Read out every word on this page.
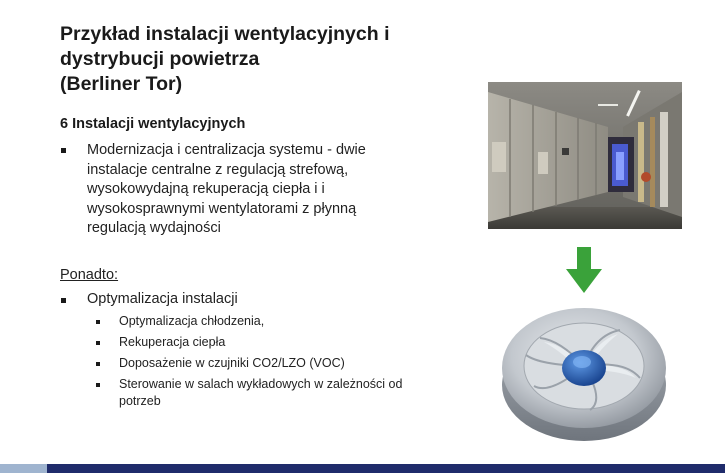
Przykład instalacji wentylacyjnych i
dystrybucji powietrza
(Berliner Tor)
6 Instalacji wentylacyjnych
Modernizacja i centralizacja systemu - dwie
instalacje centralne z regulacją strefową,
wysokowydajną rekuperacją ciepła i i
wysokosprawnymi wentylatorami z płynną
regulacją wydajności
Ponadto:
Optymalizacja instalacji
Optymalizacja chłodzenia,
Rekuperacja ciepła
Doposażenie w czujniki CO2/LZO (VOC)
Sterowanie w salach wykładowych w zależności od
potrzeb
